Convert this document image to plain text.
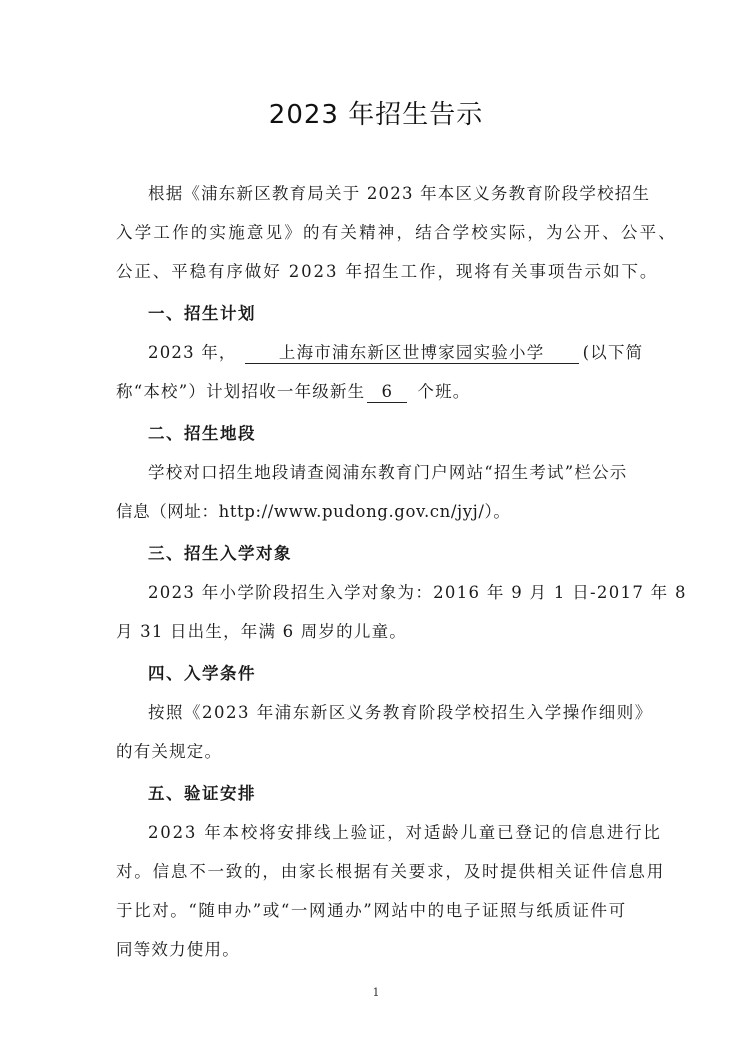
2023 年招生告示
根据《浦东新区教育局关于 2023 年本区义务教育阶段学校招生
入学工作的实施意见》的有关精神，结合学校实际，为公开、公平、
公正、平稳有序做好 2023 年招生工作，现将有关事项告示如下。
一、招生计划
2023 年，	上海市浦东新区世博家园实验小学 (以下简
称“本校”）计划招收一年级新生 6 个班。
二、招生地段
学校对口招生地段请查阅浦东教育门户网站“招生考试”栏公示
信息（网址：http://www.pudong.gov.cn/jyj/）。
三、招生入学对象
2023 年小学阶段招生入学对象为：2016 年 9 月 1 日-2017 年 8
月 31 日出生，年满 6 周岁的儿童。
四、入学条件
按照《2023 年浦东新区义务教育阶段学校招生入学操作细则》
的有关规定。
五、验证安排
2023 年本校将安排线上验证，对适龄儿童已登记的信息进行比
对。信息不一致的，由家长根据有关要求，及时提供相关证件信息用
于比对。“随申办”或“一网通办”网站中的电子证照与纸质证件可
同等效力使用。
1
